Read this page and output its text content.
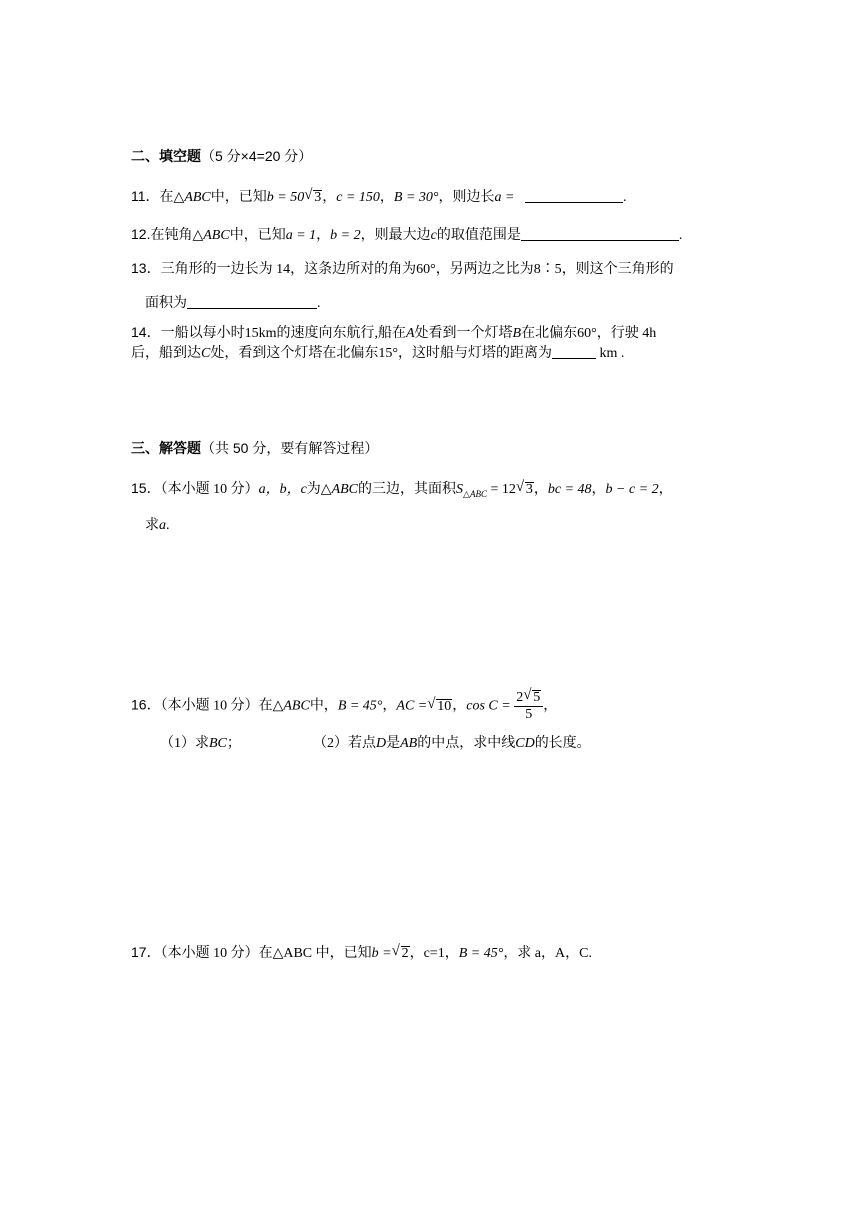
二、填空题（5 分×4=20 分）
11．在△ABC中，已知b = 50 √ 3，c = 150，B = 30°，则边长a =	.
12.在钝角△ABC中，已知a = 1，b = 2，则最大边c的取值范围是	.
13．三角形的一边长为 14，这条边所对的角为60°，另两边之比为8∶5，则这个三角形的
面积为	.
14．一船以每小时15km的速度向东航行,船在A处看到一个灯塔B在北偏东60°，行驶 4h
后，船到达C处，看到这个灯塔在北偏东15°，这时船与灯塔的距离为	km .
三、解答题（共 50 分，要有解答过程）
15．（本小题 10 分）a，b，c为△ABC的三边，其面积$S_{\triangle ABC} = 12$ √ 3，bc = 48，b − c = 2，
求a.
16．（本小题 10 分）在△ABC中，B = 45°，AC = √ 10，$\cos C = \frac{2 √ 5}{5}$ ，
（1）求BC；	（2）若点D是AB的中点，求中线CD的长度。
17．（本小题 10 分）在△ABC 中，已知b = √ 2，c=1，B = 45°，求 a，A，C.
